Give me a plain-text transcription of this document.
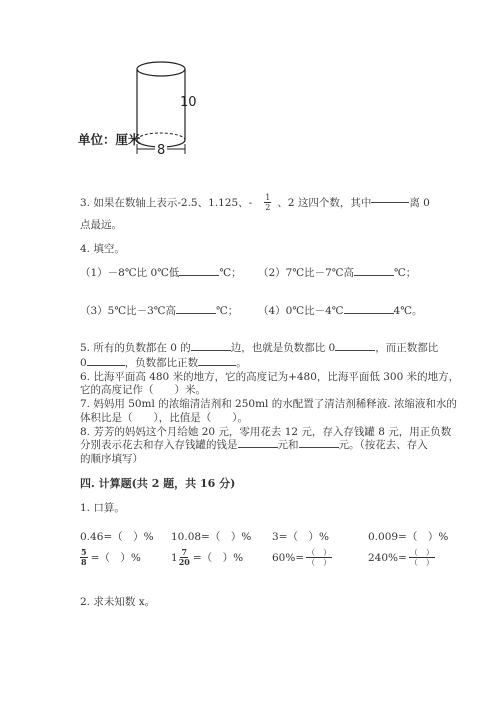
10
8
单位：厘米
3. 如果在数轴上表示-2.5、1.125、- $\frac{1}{2}$ 、2 这四个数，其中	离 0
点最远。
4. 填空。
（1）－8℃比 0℃低	℃； （2）7℃比－7℃高	℃；
（3）5℃比－3℃高	℃； （4）0℃比－4℃	4℃。
5. 所有的负数都在 0 的	边，也就是负数都比 0	，而正数都比
0	，负数都比正数	。
6. 比海平面高 480 米的地方，它的高度记为+480，比海平面低 300 米的地方，
它的高度记作（　　）米。
7. 妈妈用 50ml 的浓缩清洁剂和 250ml 的水配置了清洁剂稀释液. 浓缩液和水的
体积比是（　　），比值是（　　）。
8. 芳芳的妈妈这个月给她 20 元，零用花去 12 元，存入存钱罐 8 元，用正负数
分别表示花去和存入存钱罐的钱是	元和	元。（按花去、存入
的顺序填写）
四. 计算题(共 2 题，共 16 分)
1. 口算。
0.46=（　）% 10.08=（　）% 3=（　）%	0.009=（　）%
$\frac{5}{8}$ =（　）%	$1 \frac{7}{20}$ =（　）%	$60\%= \frac{( )}{( )}$	$240\%= \frac{( )}{( )}$
2. 求未知数 x。
